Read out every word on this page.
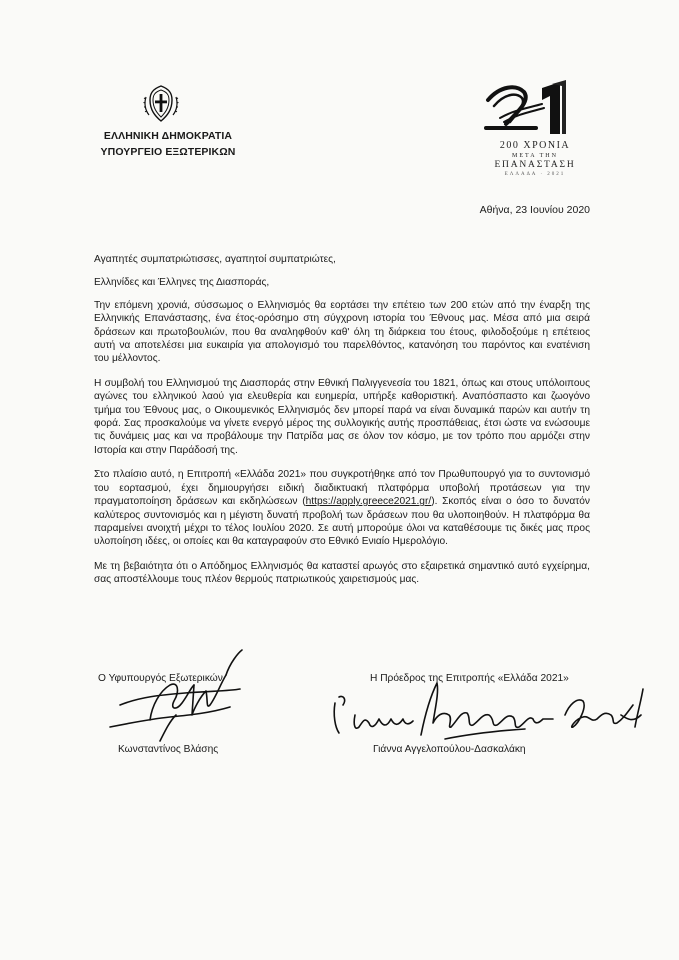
ΕΛΛΗΝΙΚΗ ΔΗΜΟΚΡΑΤΙΑ
ΥΠΟΥΡΓΕΙΟ ΕΞΩΤΕΡΙΚΩΝ
200 ΧΡΟΝΙΑ
ΜΕΤΑ ΤΗΝ
ΕΠΑΝΑΣΤΑΣΗ
ΕΛΛΑΔΑ · 2021
Αθήνα, 23 Ιουνίου 2020

Αγαπητές συμπατριώτισσες, αγαπητοί συμπατριώτες,

Ελληνίδες και Έλληνες της Διασποράς,

Την επόμενη χρονιά, σύσσωμος ο Ελληνισμός θα εορτάσει την επέτειο των 200 ετών από την έναρξη της Ελληνικής Επανάστασης, ένα έτος-ορόσημο στη σύγχρονη ιστορία του Έθνους μας. Μέσα από μια σειρά δράσεων και πρωτοβουλιών, που θα αναληφθούν καθ' όλη τη διάρκεια του έτους, φιλοδοξούμε η επέτειος αυτή να αποτελέσει μια ευκαιρία για απολογισμό του παρελθόντος, κατανόηση του παρόντος και ενατένιση του μέλλοντος.

Η συμβολή του Ελληνισμού της Διασποράς στην Εθνική Παλιγγενεσία του 1821, όπως και στους υπόλοιπους αγώνες του ελληνικού λαού για ελευθερία και ευημερία, υπήρξε καθοριστική. Αναπόσπαστο και ζωογόνο τμήμα του Έθνους μας, ο Οικουμενικός Ελληνισμός δεν μπορεί παρά να είναι δυναμικά παρών και αυτήν τη φορά. Σας προσκαλούμε να γίνετε ενεργό μέρος της συλλογικής αυτής προσπάθειας, έτσι ώστε να ενώσουμε τις δυνάμεις μας και να προβάλουμε την Πατρίδα μας σε όλον τον κόσμο, με τον τρόπο που αρμόζει στην Ιστορία και στην Παράδοσή της.

Στο πλαίσιο αυτό, η Επιτροπή «Ελλάδα 2021» που συγκροτήθηκε από τον Πρωθυπουργό για το συντονισμό του εορτασμού, έχει δημιουργήσει ειδική διαδικτυακή πλατφόρμα υποβολή προτάσεων για την πραγματοποίηση δράσεων και εκδηλώσεων (https://apply.greece2021.gr/). Σκοπός είναι ο όσο το δυνατόν καλύτερος συντονισμός και η μέγιστη δυνατή προβολή των δράσεων που θα υλοποιηθούν. Η πλατφόρμα θα παραμείνει ανοιχτή μέχρι το τέλος Ιουλίου 2020. Σε αυτή μπορούμε όλοι να καταθέσουμε τις δικές μας προς υλοποίηση ιδέες, οι οποίες και θα καταγραφούν στο Εθνικό Ενιαίο Ημερολόγιο.

Με τη βεβαιότητα ότι ο Απόδημος Ελληνισμός θα καταστεί αρωγός στο εξαιρετικά σημαντικό αυτό εγχείρημα, σας αποστέλλουμε τους πλέον θερμούς πατριωτικούς χαιρετισμούς μας.

Ο Υφυπουργός Εξωτερικών	Η Πρόεδρος της Επιτροπής «Ελλάδα 2021»
Κωνσταντίνος Βλάσης	Γιάννα Αγγελοπούλου-Δασκαλάκη
